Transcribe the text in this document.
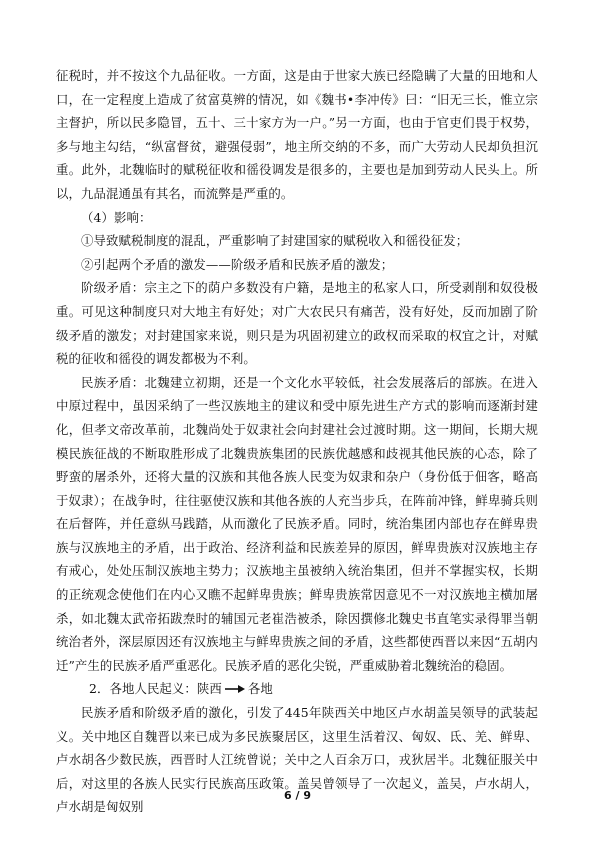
征税时，并不按这个九品征收。一方面，这是由于世家大族已经隐瞒了大量的田地和人口，在一定程度上造成了贫富莫辨的情况，如《魏书•李冲传》曰：“旧无三长，惟立宗主督护，所以民多隐冒，五十、三十家方为一户。”另一方面，也由于官吏们畏于权势，多与地主勾结，“纵富督贫，避强侵弱”，地主所交纳的不多，而广大劳动人民却负担沉重。此外，北魏临时的赋税征收和徭役调发是很多的，主要也是加到劳动人民头上。所以，九品混通虽有其名，而流弊是严重的。

（4）影响：

①导致赋税制度的混乱，严重影响了封建国家的赋税收入和徭役征发；

②引起两个矛盾的激发——阶级矛盾和民族矛盾的激发；

阶级矛盾：宗主之下的荫户多数没有户籍，是地主的私家人口，所受剥削和奴役极重。可见这种制度只对大地主有好处；对广大农民只有痛苦，没有好处，反而加剧了阶级矛盾的激发；对封建国家来说，则只是为巩固初建立的政权而采取的权宜之计，对赋税的征收和徭役的调发都极为不利。

民族矛盾：北魏建立初期，还是一个文化水平较低，社会发展落后的部族。在进入中原过程中，虽因采纳了一些汉族地主的建议和受中原先进生产方式的影响而逐渐封建化，但孝文帝改革前，北魏尚处于奴隶社会向封建社会过渡时期。这一期间，长期大规模民族征战的不断取胜形成了北魏贵族集团的民族优越感和歧视其他民族的心态，除了野蛮的屠杀外，还将大量的汉族和其他各族人民变为奴隶和杂户（身份低于佃客，略高于奴隶）；在战争时，往往驱使汉族和其他各族的人充当步兵，在阵前冲锋，鲜卑骑兵则在后督阵，并任意纵马践踏，从而激化了民族矛盾。同时，统治集团内部也存在鲜卑贵族与汉族地主的矛盾，出于政治、经济利益和民族差异的原因，鲜卑贵族对汉族地主存有戒心，处处压制汉族地主势力；汉族地主虽被纳入统治集团，但并不掌握实权，长期的正统观念使他们在内心又瞧不起鲜卑贵族；鲜卑贵族常因意见不一对汉族地主横加屠杀，如北魏太武帝拓跋焘时的辅国元老崔浩被杀，除因撰修北魏史书直笔实录得罪当朝统治者外，深层原因还有汉族地主与鲜卑贵族之间的矛盾，这些都使西晋以来因“五胡内迁”产生的民族矛盾严重恶化。民族矛盾的恶化尖锐，严重威胁着北魏统治的稳固。

2．各地人民起义：陕西 各地

民族矛盾和阶级矛盾的激化，引发了445年陕西关中地区卢水胡盖吴领导的武装起义。关中地区自魏晋以来已成为多民族聚居区，这里生活着汉、匈奴、氐、羌、鲜卑、卢水胡各少数民族，西晋时人江统曾说；关中之人百余万口，戎狄居半。北魏征服关中后，对这里的各族人民实行民族高压政策。盖吴曾领导了一次起义，盖吴，卢水胡人，卢水胡是匈奴别

6 / 9
